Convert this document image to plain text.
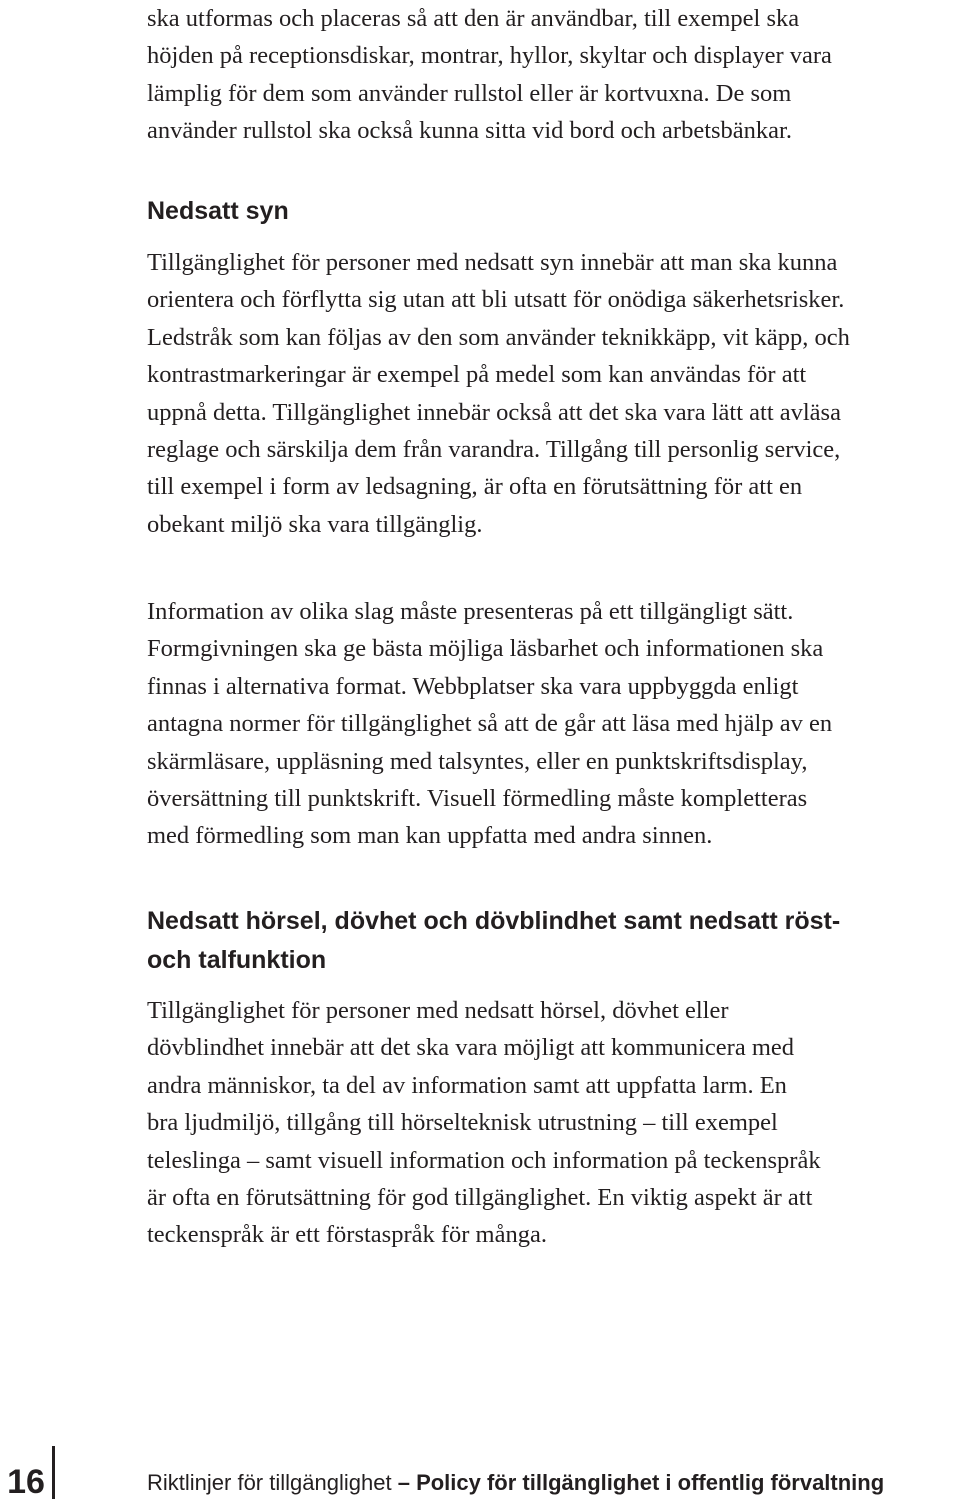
ska utformas och placeras så att den är användbar, till exempel ska
höjden på receptionsdiskar, montrar, hyllor, skyltar och displayer vara
lämplig för dem som använder rullstol eller är kortvuxna. De som
använder rullstol ska också kunna sitta vid bord och arbetsbänkar.
Nedsatt syn
Tillgänglighet för personer med nedsatt syn innebär att man ska kunna
orientera och förflytta sig utan att bli utsatt för onödiga säkerhetsrisker.
Ledstråk som kan följas av den som använder teknikkäpp, vit käpp, och
kontrastmarkeringar är exempel på medel som kan användas för att
uppnå detta. Tillgänglighet innebär också att det ska vara lätt att avläsa
reglage och särskilja dem från varandra. Tillgång till personlig service,
till exempel i form av ledsagning, är ofta en förutsättning för att en
obekant miljö ska vara tillgänglig.
Information av olika slag måste presenteras på ett tillgängligt sätt.
Formgivningen ska ge bästa möjliga läsbarhet och informationen ska
finnas i alternativa format. Webbplatser ska vara uppbyggda enligt
antagna normer för tillgänglighet så att de går att läsa med hjälp av en
skärmläsare, uppläsning med talsyntes, eller en punktskriftsdisplay,
översättning till punktskrift. Visuell förmedling måste kompletteras
med förmedling som man kan uppfatta med andra sinnen.
Nedsatt hörsel, dövhet och dövblindhet samt nedsatt röst-
och talfunktion
Tillgänglighet för personer med nedsatt hörsel, dövhet eller
dövblindhet innebär att det ska vara möjligt att kommunicera med
andra människor, ta del av information samt att uppfatta larm. En
bra ljudmiljö, tillgång till hörselteknisk utrustning – till exempel
teleslinga – samt visuell information och information på teckenspråk
är ofta en förutsättning för god tillgänglighet. En viktig aspekt är att
teckenspråk är ett förstaspråk för många.
16	Riktlinjer för tillgänglighet – Policy för tillgänglighet i offentlig förvaltning
